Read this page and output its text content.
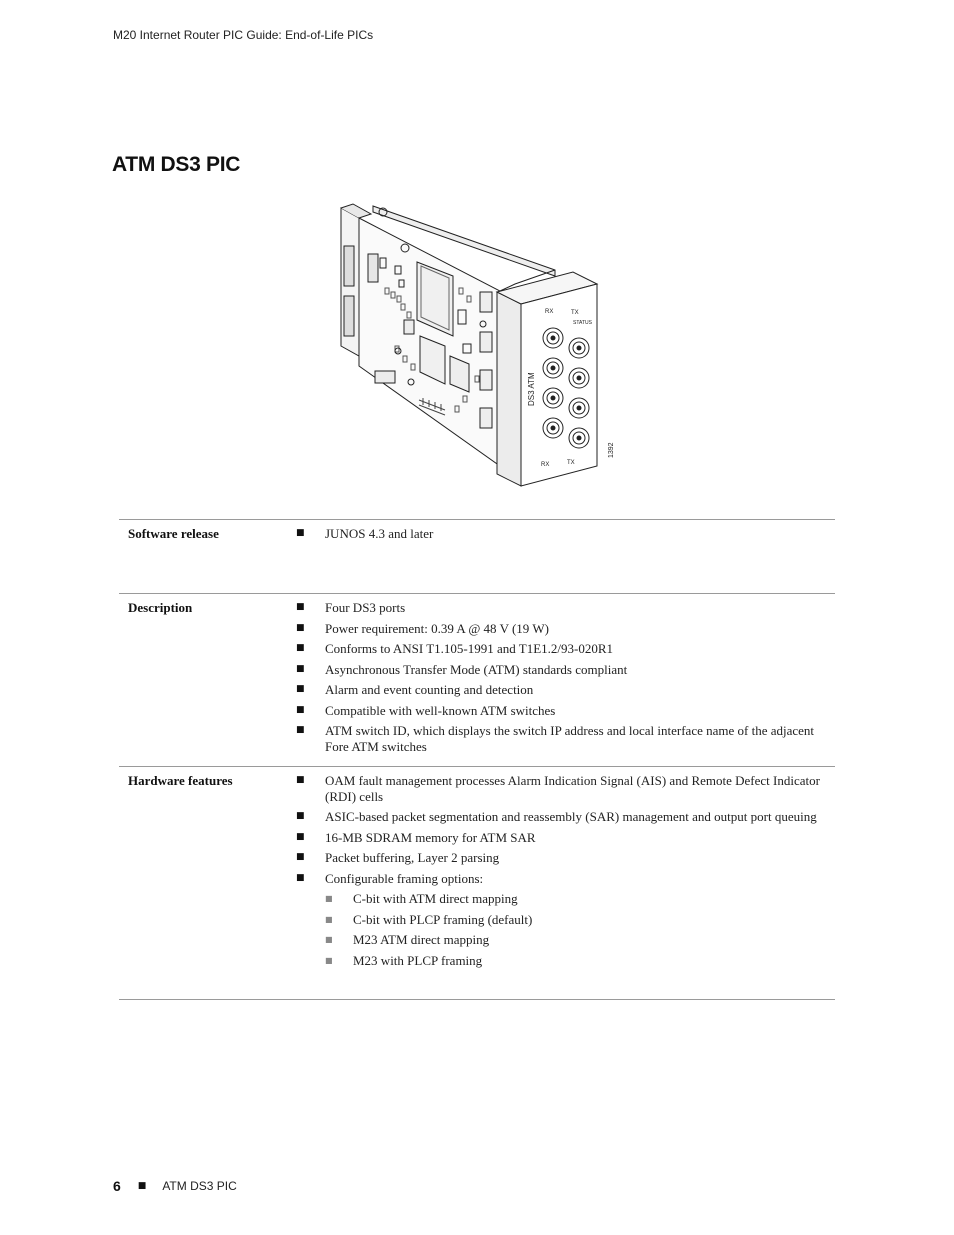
M20 Internet Router PIC Guide: End-of-Life PICs
ATM DS3 PIC
RX	TX
STATUS
RX	TX
DS3 ATM
1392
Software release	■	JUNOS 4.3 and later
Description	■	Four DS3 ports
■	Power requirement: 0.39 A @ 48 V (19 W)
■	Conforms to ANSI T1.105-1991 and T1E1.2/93-020R1
■	Asynchronous Transfer Mode (ATM) standards compliant
■	Alarm and event counting and detection
■	Compatible with well-known ATM switches
■	ATM switch ID, which displays the switch IP address and local interface name of the adjacent Fore ATM switches
Hardware features	■	OAM fault management processes Alarm Indication Signal (AIS) and Remote Defect Indicator (RDI) cells
■	ASIC-based packet segmentation and reassembly (SAR) management and output port queuing
■	16-MB SDRAM memory for ATM SAR
■	Packet buffering, Layer 2 parsing
■	Configurable framing options:
■	C-bit with ATM direct mapping
■	C-bit with PLCP framing (default)
■	M23 ATM direct mapping
■	M23 with PLCP framing
6 ■ ATM DS3 PIC
